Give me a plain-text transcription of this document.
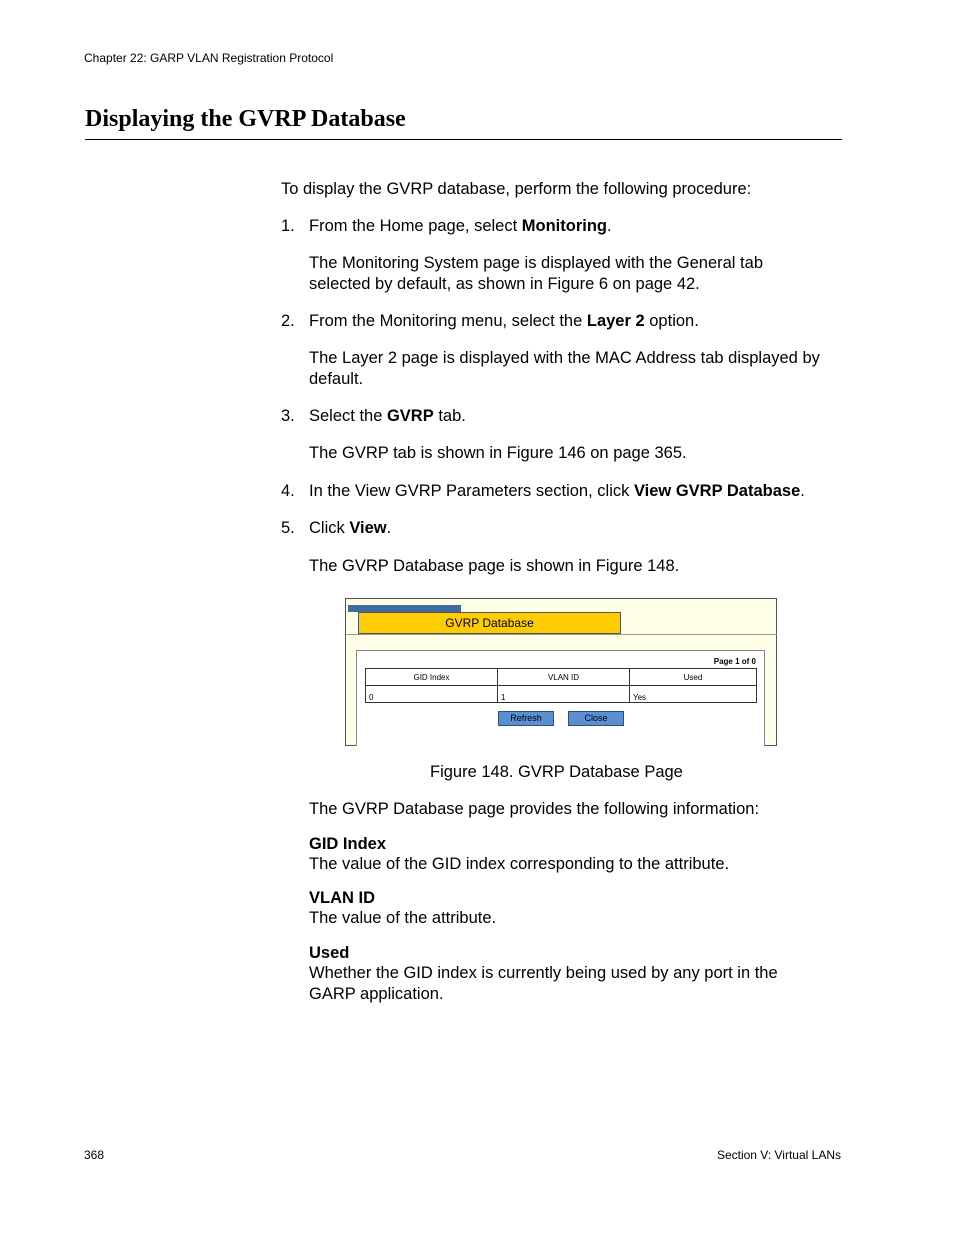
Chapter 22: GARP VLAN Registration Protocol
Displaying the GVRP Database
To display the GVRP database, perform the following procedure:
1. From the Home page, select Monitoring.
The Monitoring System page is displayed with the General tab selected by default, as shown in Figure 6 on page 42.
2. From the Monitoring menu, select the Layer 2 option.
The Layer 2 page is displayed with the MAC Address tab displayed by default.
3. Select the GVRP tab.
The GVRP tab is shown in Figure 146 on page 365.
4. In the View GVRP Parameters section, click View GVRP Database.
5. Click View.
The GVRP Database page is shown in Figure 148.
GVRP Database
Page 1 of 0
GID Index	VLAN ID	Used
0	1	Yes
Refresh	Close
Figure 148. GVRP Database Page
The GVRP Database page provides the following information:
GID Index
The value of the GID index corresponding to the attribute.
VLAN ID
The value of the attribute.
Used
Whether the GID index is currently being used by any port in the GARP application.
368	Section V: Virtual LANs
